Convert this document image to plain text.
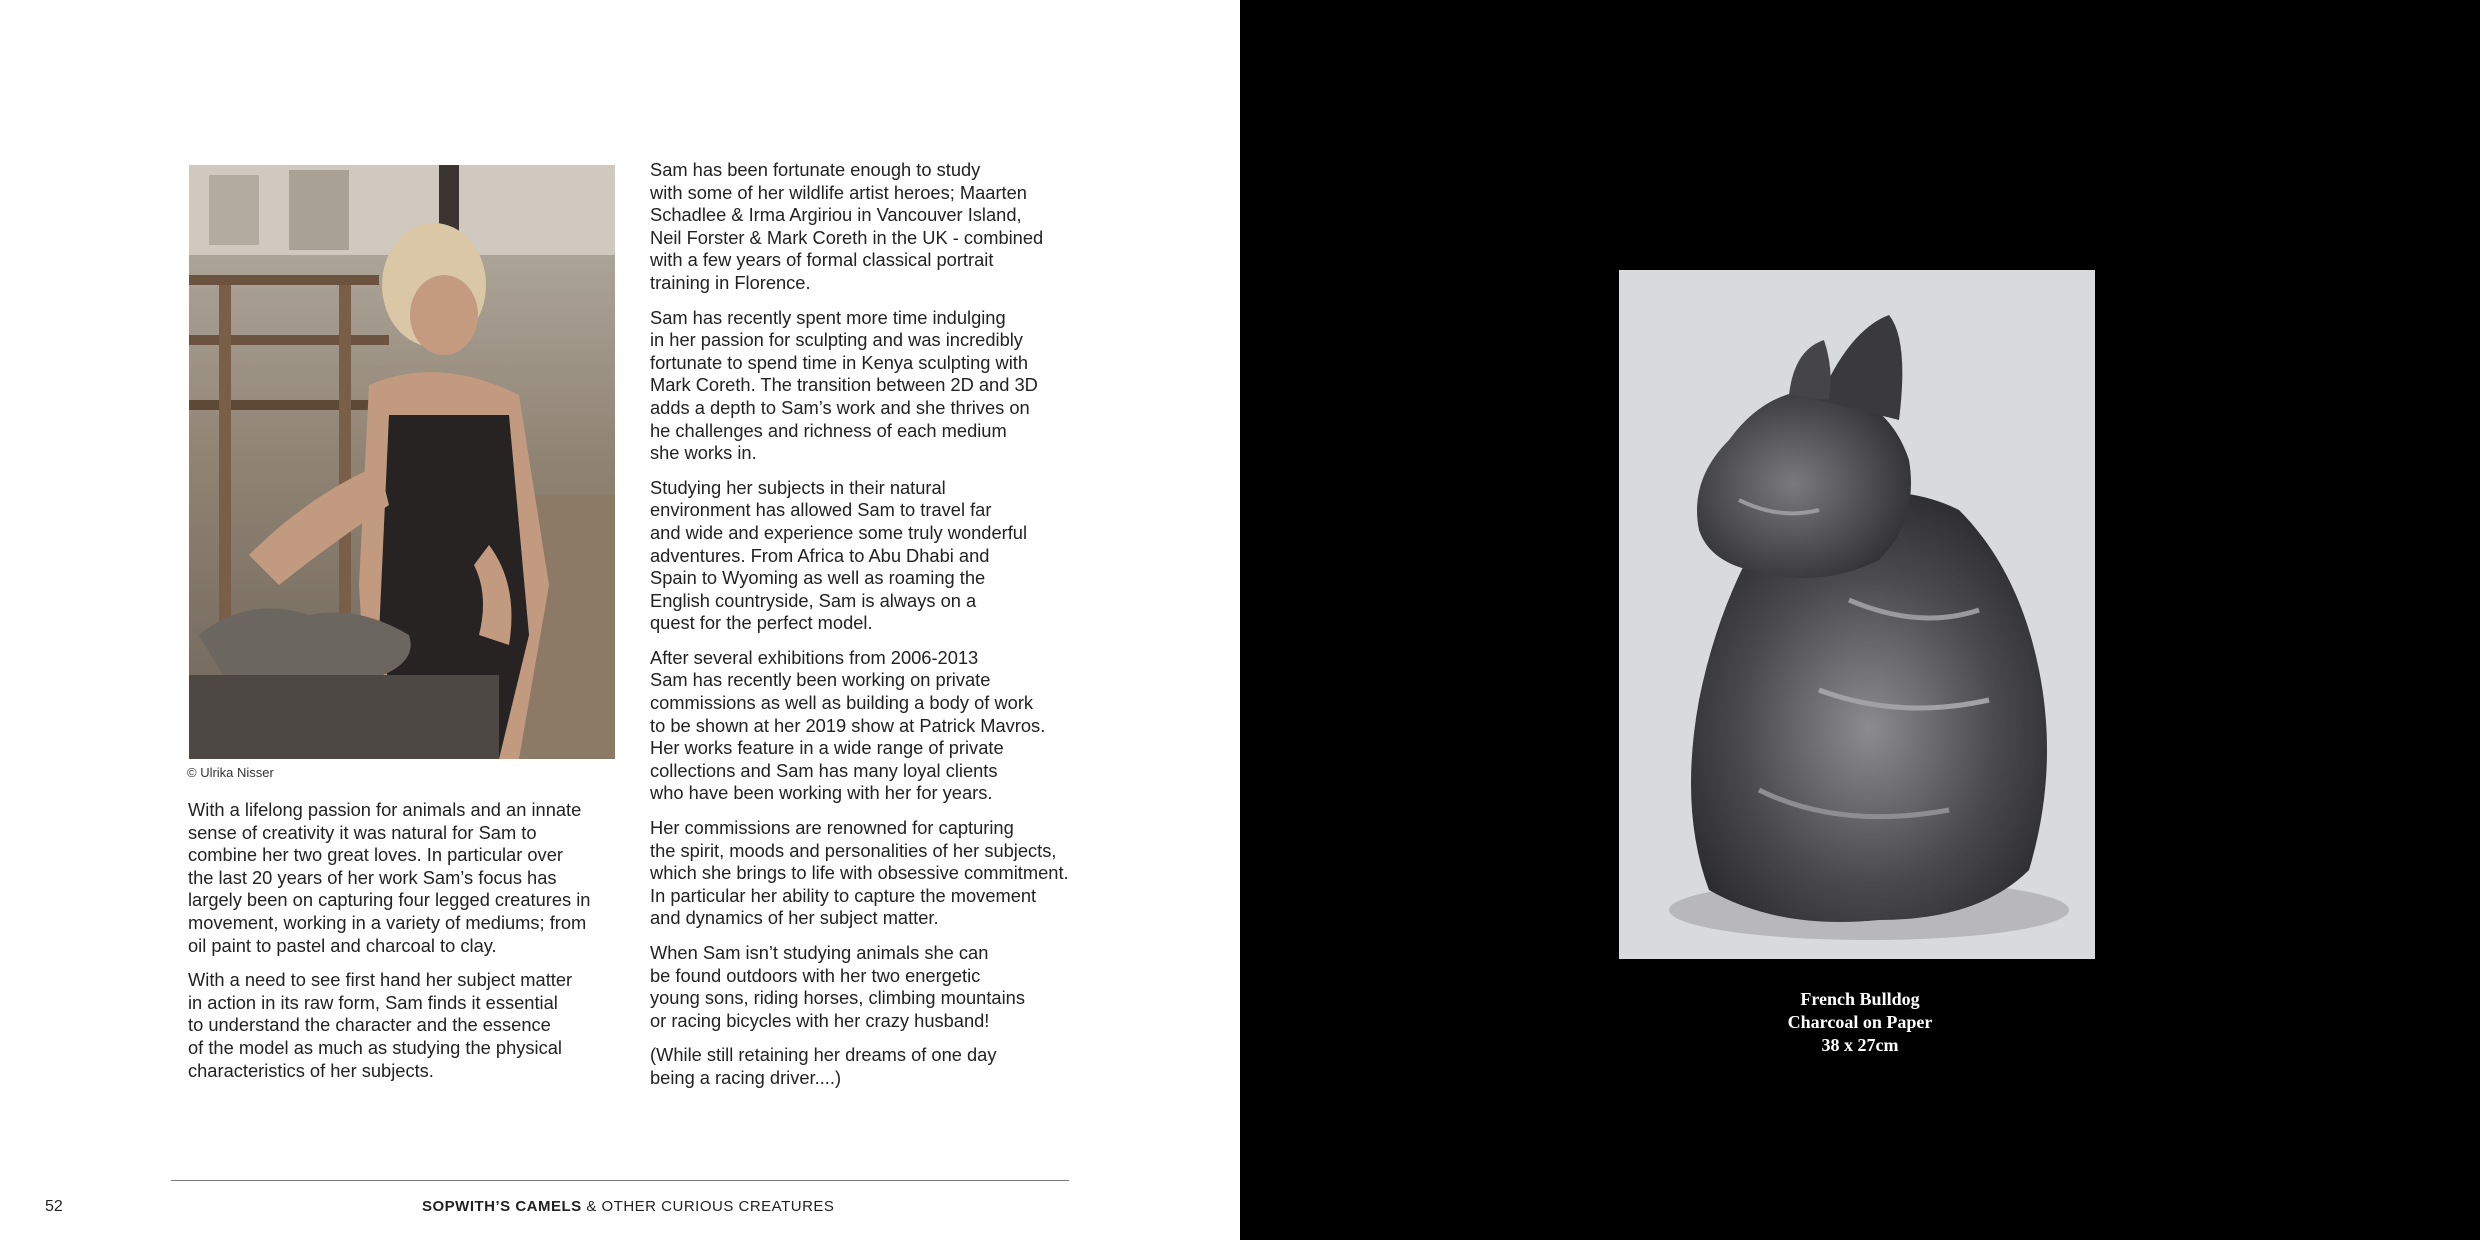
© Ulrika Nisser

With a lifelong passion for animals and an innate
sense of creativity it was natural for Sam to
combine her two great loves. In particular over
the last 20 years of her work Sam’s focus has
largely been on capturing four legged creatures in
movement, working in a variety of mediums; from
oil paint to pastel and charcoal to clay.

With a need to see first hand her subject matter
in action in its raw form, Sam finds it essential
to understand the character and the essence
of the model as much as studying the physical
characteristics of her subjects.

Sam has been fortunate enough to study
with some of her wildlife artist heroes; Maarten
Schadlee & Irma Argiriou in Vancouver Island,
Neil Forster & Mark Coreth in the UK - combined
with a few years of formal classical portrait
training in Florence.

Sam has recently spent more time indulging
in her passion for sculpting and was incredibly
fortunate to spend time in Kenya sculpting with
Mark Coreth. The transition between 2D and 3D
adds a depth to Sam’s work and she thrives on
he challenges and richness of each medium
she works in.

Studying her subjects in their natural
environment has allowed Sam to travel far
and wide and experience some truly wonderful
adventures. From Africa to Abu Dhabi and
Spain to Wyoming as well as roaming the
English countryside, Sam is always on a
quest for the perfect model.

After several exhibitions from 2006-2013
Sam has recently been working on private
commissions as well as building a body of work
to be shown at her 2019 show at Patrick Mavros.
Her works feature in a wide range of private
collections and Sam has many loyal clients
who have been working with her for years.

Her commissions are renowned for capturing
the spirit, moods and personalities of her subjects,
which she brings to life with obsessive commitment.
In particular her ability to capture the movement
and dynamics of her subject matter.

When Sam isn’t studying animals she can
be found outdoors with her two energetic
young sons, riding horses, climbing mountains
or racing bicycles with her crazy husband!

(While still retaining her dreams of one day
being a racing driver....)

52	SOPWITH’S CAMELS & OTHER CURIOUS CREATURES
French Bulldog
Charcoal on Paper
38 x 27cm
